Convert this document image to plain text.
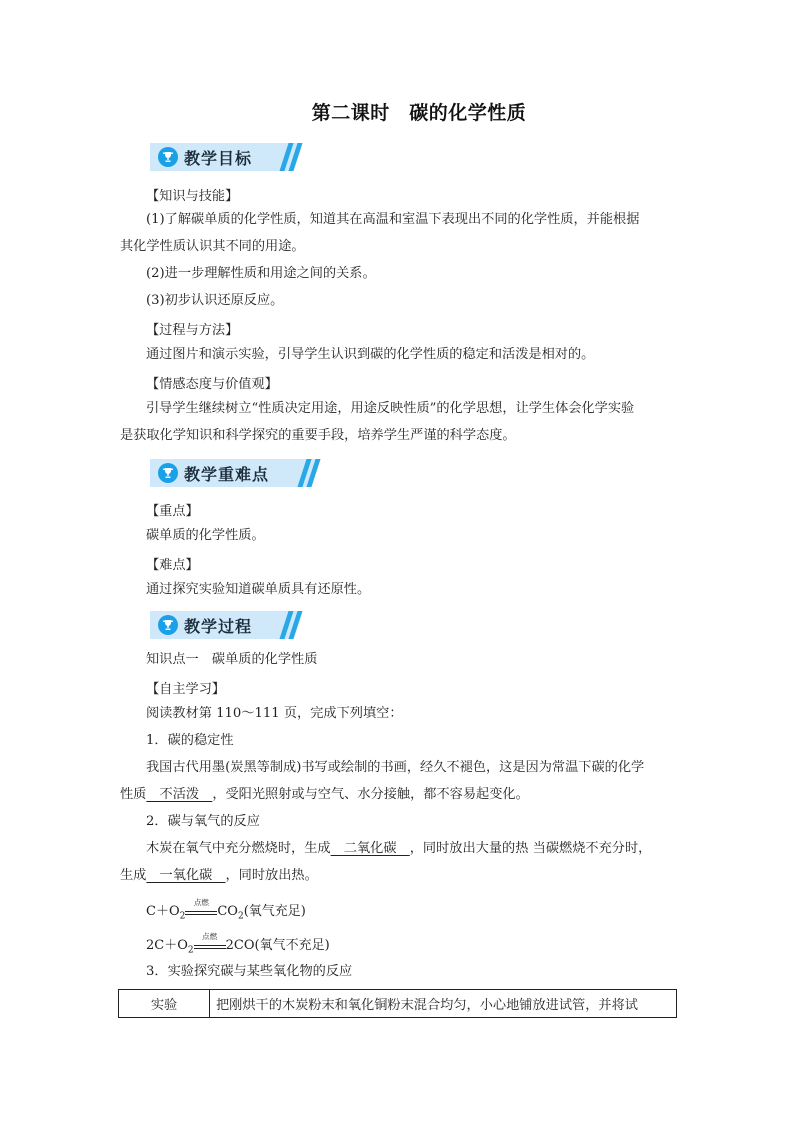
第二课时　碳的化学性质
教学目标
【知识与技能】
(1)了解碳单质的化学性质，知道其在高温和室温下表现出不同的化学性质，并能根据
其化学性质认识其不同的用途。
(2)进一步理解性质和用途之间的关系。
(3)初步认识还原反应。
【过程与方法】
通过图片和演示实验，引导学生认识到碳的化学性质的稳定和活泼是相对的。
【情感态度与价值观】
引导学生继续树立“性质决定用途，用途反映性质”的化学思想，让学生体会化学实验
是获取化学知识和科学探究的重要手段，培养学生严谨的科学态度。
教学重难点
【重点】
碳单质的化学性质。
【难点】
通过探究实验知道碳单质具有还原性。
教学过程
知识点一　碳单质的化学性质
【自主学习】
阅读教材第 110～111 页，完成下列填空：
1．碳的稳定性
我国古代用墨(炭黑等制成)书写或绘制的书画，经久不褪色，这是因为常温下碳的化学
性质　不活泼　，受阳光照射或与空气、水分接触，都不容易起变化。
2．碳与氧气的反应
木炭在氧气中充分燃烧时，生成　二氧化碳　，同时放出大量的热 当碳燃烧不充分时，
生成　一氧化碳　，同时放出热。
$C+O_2$
点燃
$CO_2$(氧气充足)
$2C+O_2$
点燃
2CO(氧气不充足)
3．实验探究碳与某些氧化物的反应
实验	把刚烘干的木炭粉末和氧化铜粉末混合均匀，小心地铺放进试管，并将试
